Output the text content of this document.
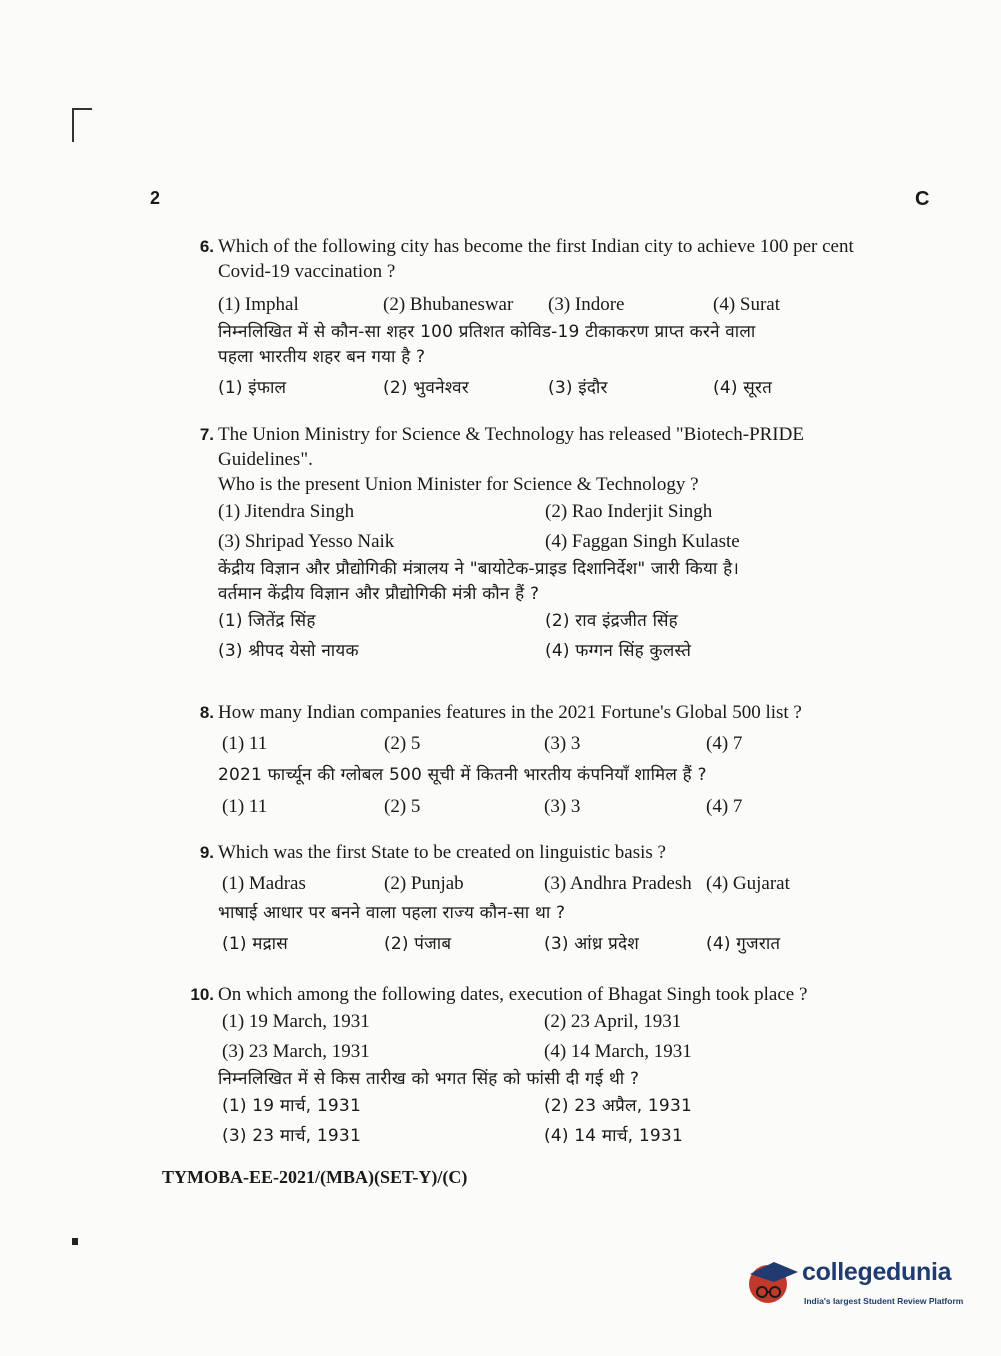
2	C
6. Which of the following city has become the first Indian city to achieve 100 per cent
Covid-19 vaccination ?
(1) Imphal	(2) Bhubaneswar (3) Indore	(4) Surat
निम्नलिखित में से कौन-सा शहर 100 प्रतिशत कोविड-19 टीकाकरण प्राप्त करने वाला
पहला भारतीय शहर बन गया है ?
(1) इंफाल	(2) भुवनेश्वर	(3) इंदौर	(4) सूरत
7. The Union Ministry for Science & Technology has released "Biotech-PRIDE
Guidelines".
Who is the present Union Minister for Science & Technology ?
(1) Jitendra Singh	(2) Rao Inderjit Singh
(3) Shripad Yesso Naik	(4) Faggan Singh Kulaste
केंद्रीय विज्ञान और प्रौद्योगिकी मंत्रालय ने "बायोटेक-प्राइड दिशानिर्देश" जारी किया है।
वर्तमान केंद्रीय विज्ञान और प्रौद्योगिकी मंत्री कौन हैं ?
(1) जितेंद्र सिंह	(2) राव इंद्रजीत सिंह
(3) श्रीपद येसो नायक	(4) फग्गन सिंह कुलस्ते
8. How many Indian companies features in the 2021 Fortune's Global 500 list ?
(1) 11	(2) 5	(3) 3	(4) 7
2021 फार्च्यून की ग्लोबल 500 सूची में कितनी भारतीय कंपनियाँ शामिल हैं ?
(1) 11	(2) 5	(3) 3	(4) 7
9. Which was the first State to be created on linguistic basis ?
(1) Madras	(2) Punjab	(3) Andhra Pradesh (4) Gujarat
भाषाई आधार पर बनने वाला पहला राज्य कौन-सा था ?
(1) मद्रास	(2) पंजाब	(3) आंध्र प्रदेश	(4) गुजरात
10. On which among the following dates, execution of Bhagat Singh took place ?
(1) 19 March, 1931	(2) 23 April, 1931
(3) 23 March, 1931	(4) 14 March, 1931
निम्नलिखित में से किस तारीख को भगत सिंह को फांसी दी गई थी ?
(1) 19 मार्च, 1931	(2) 23 अप्रैल, 1931
(3) 23 मार्च, 1931	(4) 14 मार्च, 1931
TYMOBA-EE-2021/(MBA)(SET-Y)/(C)
collegedunia
India's largest Student Review Platform
